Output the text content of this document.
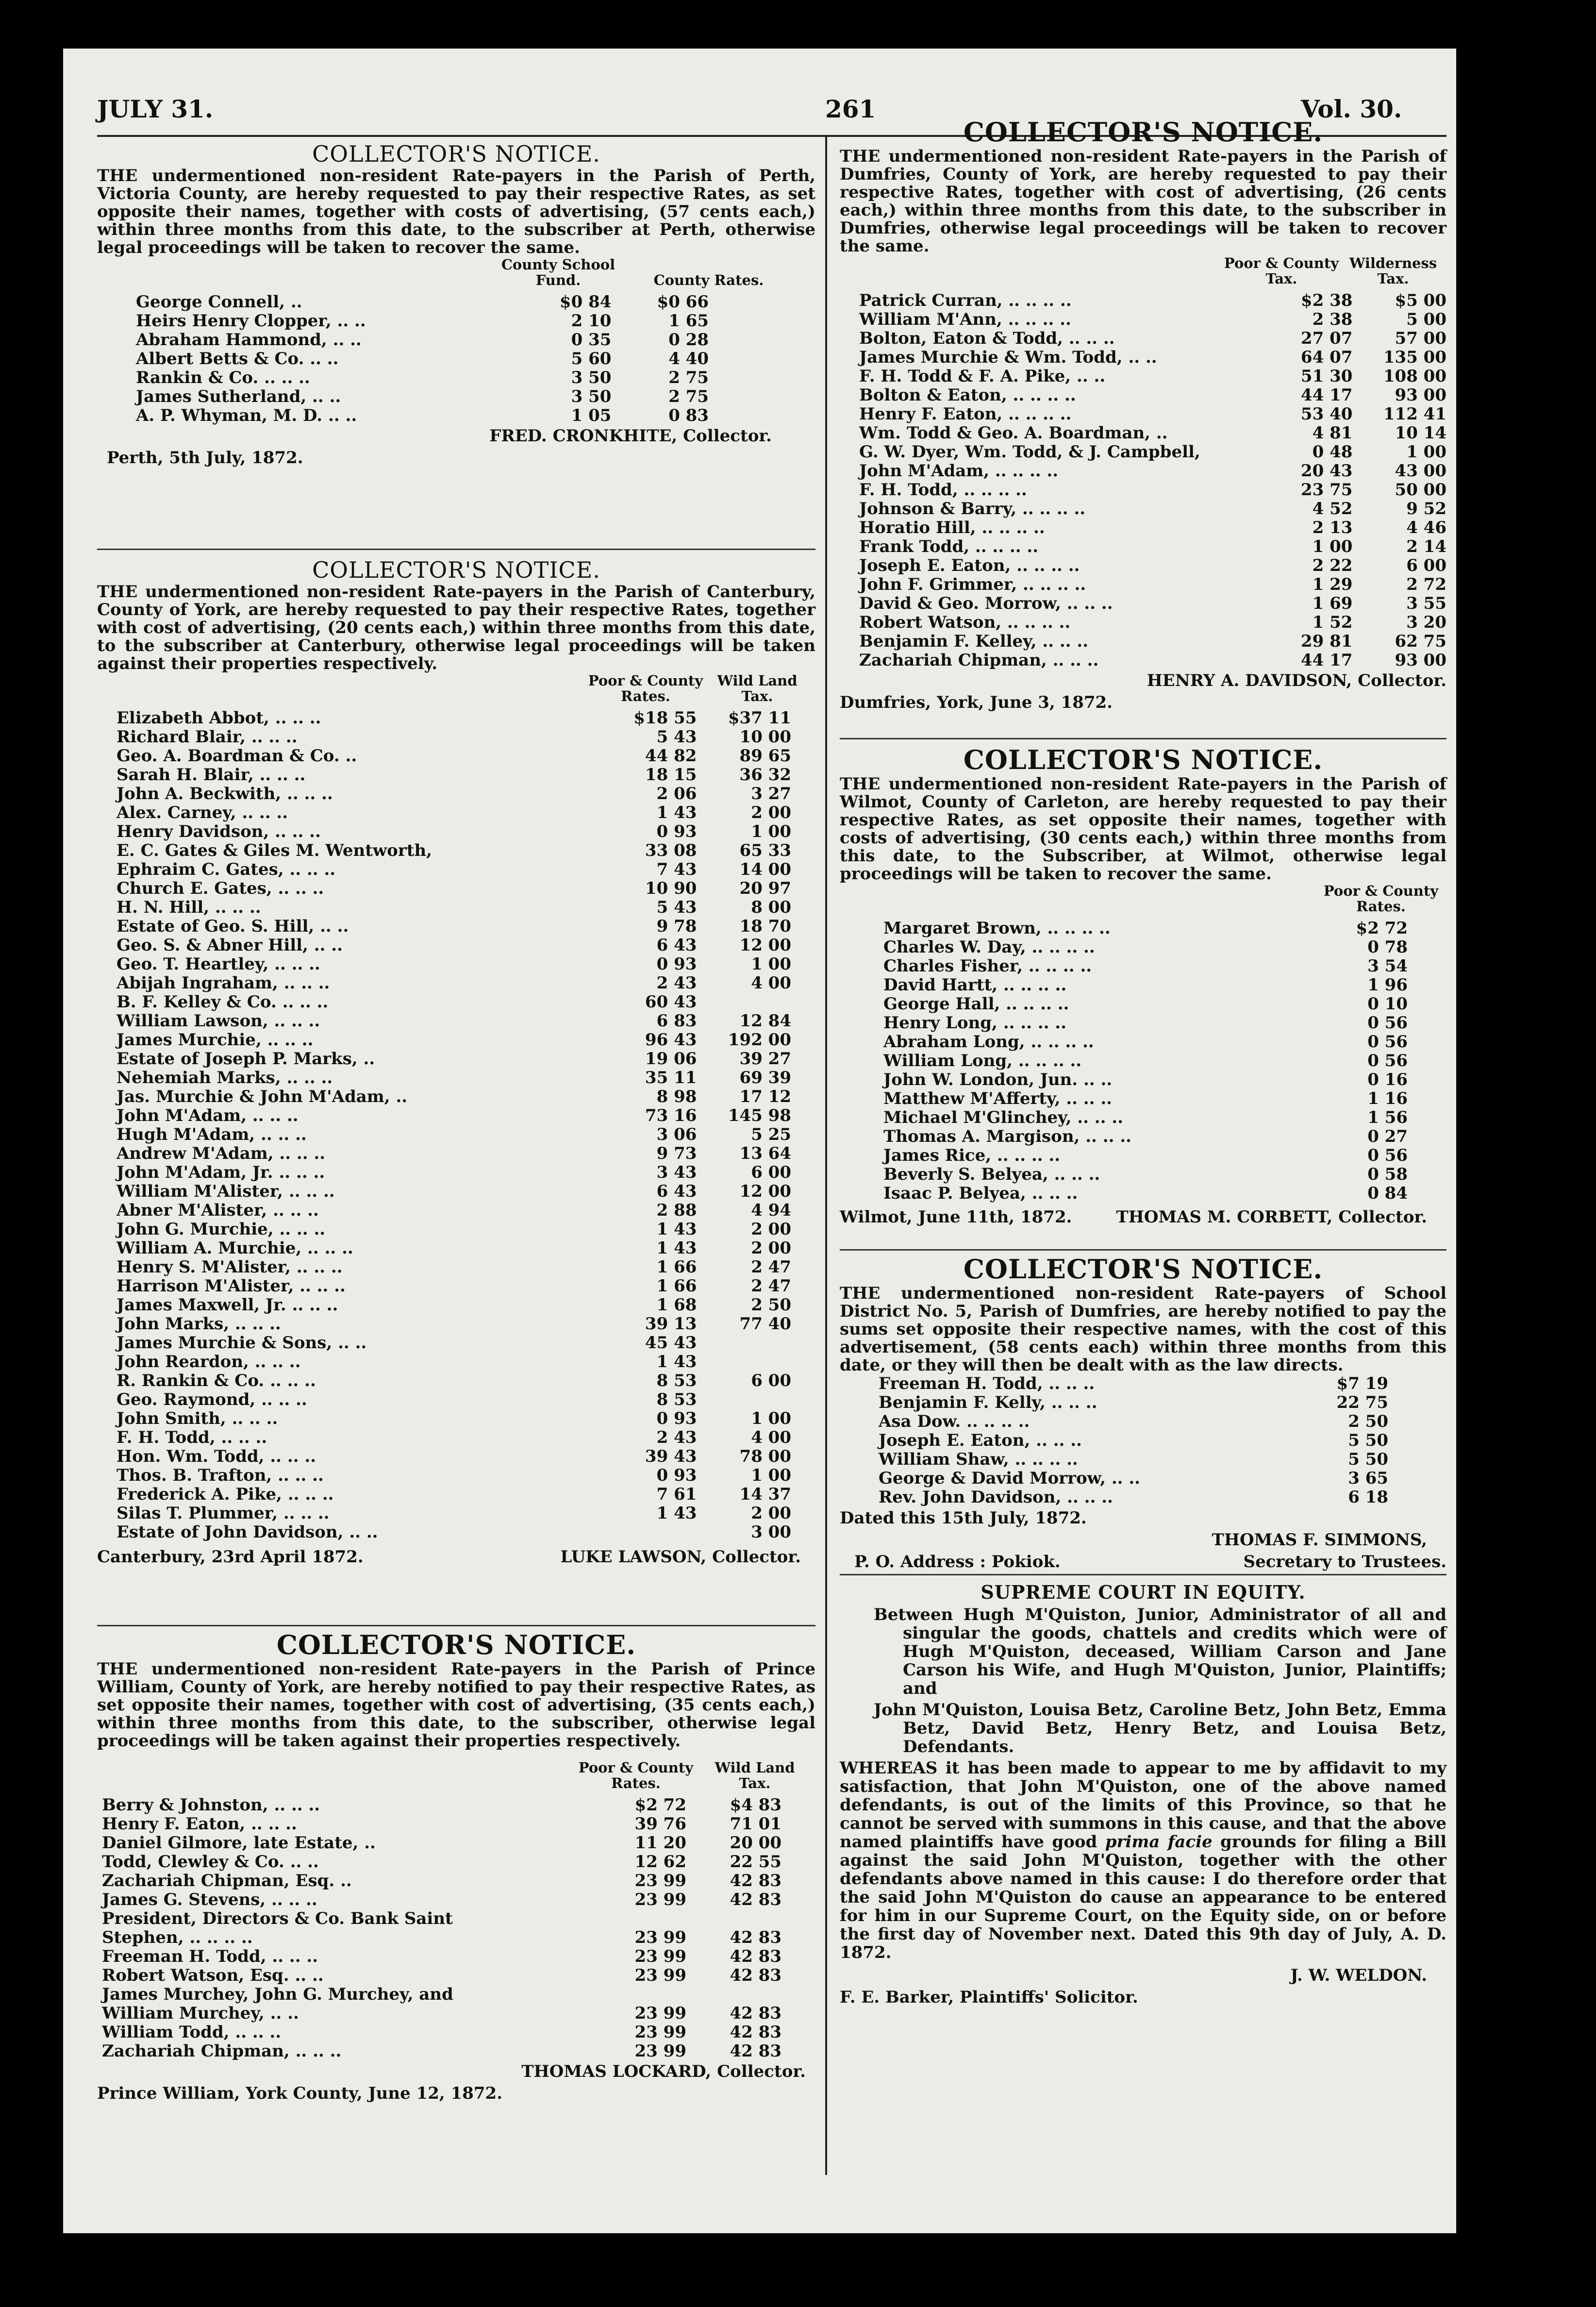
JULY 31.	261	Vol. 30.

COLLECTOR'S NOTICE.

THE undermentioned non-resident Rate-payers in the Parish of Perth, Victoria County, are hereby requested to pay their respective Rates, as set opposite their names, together with costs of advertising, (57 cents each,) within three months from this date, to the subscriber at Perth, otherwise legal proceedings will be taken to recover the same.

County School Fund.	County Rates.
George Connell, ..	$0 84	$0 66
Heirs Henry Clopper, .. ..	2 10	1 65
Abraham Hammond, .. ..	0 35	0 28
Albert Betts & Co. .. ..	5 60	4 40
Rankin & Co. .. .. ..	3 50	2 75
James Sutherland, .. ..	3 50	2 75
A. P. Whyman, M. D. .. ..	1 05	0 83
FRED. CRONKHITE, Collector.
Perth, 5th July, 1872.

COLLECTOR'S NOTICE.

THE undermentioned non-resident Rate-payers in the Parish of Canterbury, County of York, are hereby requested to pay their respective Rates, together with cost of advertising, (20 cents each,) within three months from this date, to the subscriber at Canterbury, otherwise legal proceedings will be taken against their properties respectively.

Poor & County Rates.
Wild Land Tax.
Elizabeth Abbot, .. .. ..	$18 55	$37 11
Richard Blair, .. .. ..	5 43	10 00
Geo. A. Boardman & Co. ..	44 82	89 65
Sarah H. Blair, .. .. ..	18 15	36 32
John A. Beckwith, .. .. ..	2 06	3 27
Alex. Carney, .. .. ..	1 43	2 00
Henry Davidson, .. .. ..	0 93	1 00
E. C. Gates & Giles M. Wentworth,	33 08	65 33
Ephraim C. Gates, .. .. ..	7 43	14 00
Church E. Gates, .. .. ..	10 90	20 97
H. N. Hill, .. .. ..	5 43	8 00
Estate of Geo. S. Hill, .. ..	9 78	18 70
Geo. S. & Abner Hill, .. ..	6 43	12 00
Geo. T. Heartley, .. .. ..	0 93	1 00
Abijah Ingraham, .. .. ..	2 43	4 00
B. F. Kelley & Co. .. .. ..	60 43	
William Lawson, .. .. ..	6 83	12 84
James Murchie, .. .. ..	96 43	192 00
Estate of Joseph P. Marks, ..	19 06	39 27
Nehemiah Marks, .. .. ..	35 11	69 39
Jas. Murchie & John M'Adam, ..	8 98	17 12
John M'Adam, .. .. ..	73 16	145 98
Hugh M'Adam, .. .. ..	3 06	5 25
Andrew M'Adam, .. .. ..	9 73	13 64
John M'Adam, Jr. .. .. ..	3 43	6 00
William M'Alister, .. .. ..	6 43	12 00
Abner M'Alister, .. .. ..	2 88	4 94
John G. Murchie, .. .. ..	1 43	2 00
William A. Murchie, .. .. ..	1 43	2 00
Henry S. M'Alister, .. .. ..	1 66	2 47
Harrison M'Alister, .. .. ..	1 66	2 47
James Maxwell, Jr. .. .. ..	1 68	2 50
John Marks, .. .. ..	39 13	77 40
James Murchie & Sons, .. ..	45 43	
John Reardon, .. .. ..	1 43	
R. Rankin & Co. .. .. ..	8 53	6 00
Geo. Raymond, .. .. ..	8 53	
John Smith, .. .. ..	0 93	1 00
F. H. Todd, .. .. ..	2 43	4 00
Hon. Wm. Todd, .. .. ..	39 43	78 00
Thos. B. Trafton, .. .. ..	0 93	1 00
Frederick A. Pike, .. .. ..	7 61	14 37
Silas T. Plummer, .. .. ..	1 43	2 00
Estate of John Davidson, .. ..		3 00
Canterbury, 23rd April 1872.	LUKE LAWSON, Collector.

COLLECTOR'S NOTICE.

THE undermentioned non-resident Rate-payers in the Parish of Prince William, County of York, are hereby notified to pay their respective Rates, as set opposite their names, together with cost of advertising, (35 cents each,) within three months from this date, to the subscriber, otherwise legal proceedings will be taken against their properties respectively.

Poor & County Rates.
Wild Land Tax.
Berry & Johnston, .. .. ..	$2 72	$4 83
Henry F. Eaton, .. .. ..	39 76	71 01
Daniel Gilmore, late Estate, ..	11 20	20 00
Todd, Clewley & Co. .. ..	12 62	22 55
Zachariah Chipman, Esq. ..	23 99	42 83
James G. Stevens, .. .. ..	23 99	42 83
President, Directors & Co. Bank Saint		
Stephen, .. .. .. ..	23 99	42 83
Freeman H. Todd, .. .. ..	23 99	42 83
Robert Watson, Esq. .. ..	23 99	42 83
James Murchey, John G. Murchey, and		
William Murchey, .. ..	23 99	42 83
William Todd, .. .. ..	23 99	42 83
Zachariah Chipman, .. .. ..	23 99	42 83
THOMAS LOCKARD, Collector.
Prince William, York County, June 12, 1872.

COLLECTOR'S NOTICE.

THE undermentioned non-resident Rate-payers in the Parish of Dumfries, County of York, are hereby requested to pay their respective Rates, together with cost of advertising, (26 cents each,) within three months from this date, to the subscriber in Dumfries, otherwise legal proceedings will be taken to recover the same.

Poor & County Tax.
Wilderness Tax.
Patrick Curran, .. .. .. ..	$2 38	$5 00
William M'Ann, .. .. .. ..	2 38	5 00
Bolton, Eaton & Todd, .. .. ..	27 07	57 00
James Murchie & Wm. Todd, .. ..	64 07	135 00
F. H. Todd & F. A. Pike, .. ..	51 30	108 00
Bolton & Eaton, .. .. .. ..	44 17	93 00
Henry F. Eaton, .. .. .. ..	53 40	112 41
Wm. Todd & Geo. A. Boardman, ..	4 81	10 14
G. W. Dyer, Wm. Todd, & J. Campbell,	0 48	1 00
John M'Adam, .. .. .. ..	20 43	43 00
F. H. Todd, .. .. .. ..	23 75	50 00
Johnson & Barry, .. .. .. ..	4 52	9 52
Horatio Hill, .. .. .. ..	2 13	4 46
Frank Todd, .. .. .. ..	1 00	2 14
Joseph E. Eaton, .. .. .. ..	2 22	6 00
John F. Grimmer, .. .. .. ..	1 29	2 72
David & Geo. Morrow, .. .. ..	1 69	3 55
Robert Watson, .. .. .. ..	1 52	3 20
Benjamin F. Kelley, .. .. ..	29 81	62 75
Zachariah Chipman, .. .. ..	44 17	93 00
HENRY A. DAVIDSON, Collector.
Dumfries, York, June 3, 1872.

COLLECTOR'S NOTICE.

THE undermentioned non-resident Rate-payers in the Parish of Wilmot, County of Carleton, are hereby requested to pay their respective Rates, as set opposite their names, together with costs of advertising, (30 cents each,) within three months from this date, to the Subscriber, at Wilmot, otherwise legal proceedings will be taken to recover the same.

Poor & County Rates.
Margaret Brown, .. .. .. ..	$2 72
Charles W. Day, .. .. .. ..	0 78
Charles Fisher, .. .. .. ..	3 54
David Hartt, .. .. .. ..	1 96
George Hall, .. .. .. ..	0 10
Henry Long, .. .. .. ..	0 56
Abraham Long, .. .. .. ..	0 56
William Long, .. .. .. ..	0 56
John W. London, Jun. .. ..	0 16
Matthew M'Afferty, .. .. ..	1 16
Michael M'Glinchey, .. .. ..	1 56
Thomas A. Margison, .. .. ..	0 27
James Rice, .. .. .. ..	0 56
Beverly S. Belyea, .. .. ..	0 58
Isaac P. Belyea, .. .. ..	0 84
Wilmot, June 11th, 1872.	THOMAS M. CORBETT, Collector.

COLLECTOR'S NOTICE.

THE undermentioned non-resident Rate-payers of School District No. 5, Parish of Dumfries, are hereby notified to pay the sums set opposite their respective names, with the cost of this advertisement, (58 cents each) within three months from this date, or they will then be dealt with as the law directs.

Freeman H. Todd, .. .. ..	$7 19
Benjamin F. Kelly, .. .. ..	22 75
Asa Dow. .. .. .. ..	2 50
Joseph E. Eaton, .. .. ..	5 50
William Shaw, .. .. .. ..	5 50
George & David Morrow, .. ..	3 65
Rev. John Davidson, .. .. ..	6 18
Dated this 15th July, 1872.
THOMAS F. SIMMONS,
P. O. Address : Pokiok.	Secretary to Trustees.

SUPREME COURT IN EQUITY.

Between Hugh M'Quiston, Junior, Administrator of all and singular the goods, chattels and credits which were of Hugh M'Quiston, deceased, William Carson and Jane Carson his Wife, and Hugh M'Quiston, Junior, Plaintiffs; and

John M'Quiston, Louisa Betz, Caroline Betz, John Betz, Emma Betz, David Betz, Henry Betz, and Louisa Betz, Defendants.

WHEREAS it has been made to appear to me by affidavit to my satisfaction, that John M'Quiston, one of the above named defendants, is out of the limits of this Province, so that he cannot be served with summons in this cause, and that the above named plaintiffs have good prima facie grounds for filing a Bill against the said John M'Quiston, together with the other defendants above named in this cause: I do therefore order that the said John M'Quiston do cause an appearance to be entered for him in our Supreme Court, on the Equity side, on or before the first day of November next. Dated this 9th day of July, A. D. 1872.

J. W. WELDON.
F. E. Barker, Plaintiffs' Solicitor.
